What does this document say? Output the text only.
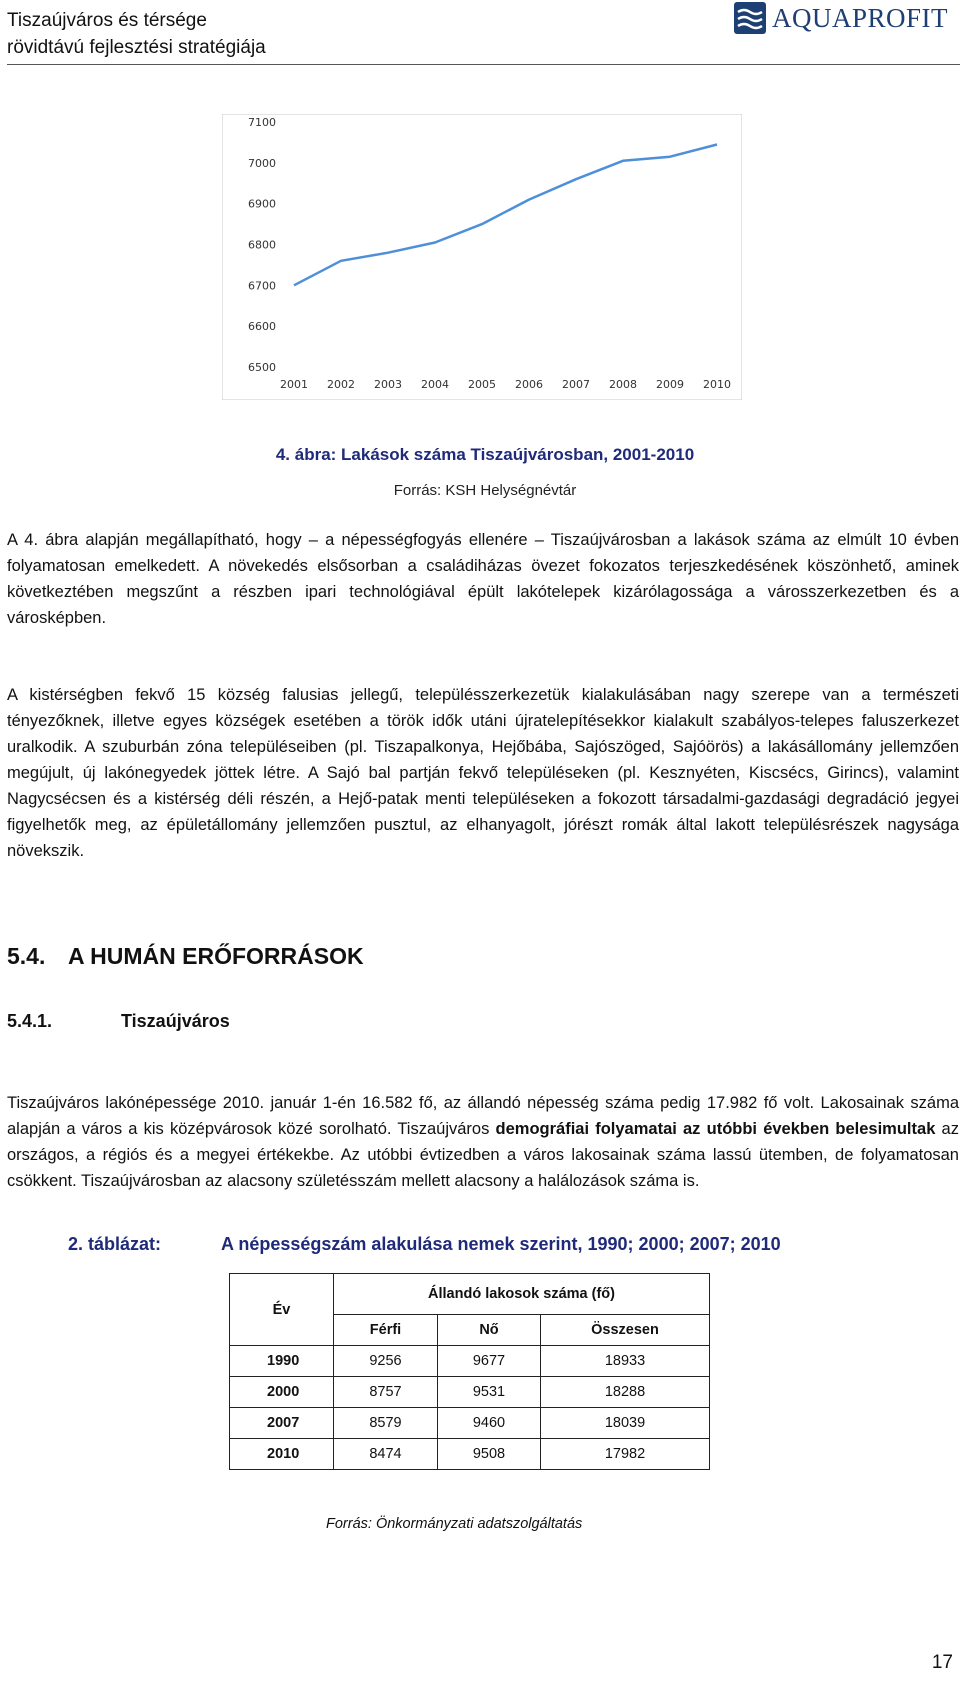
Tiszaújváros és térsége
rövidtávú fejlesztési stratégiája
AQUAPROFIT
6500
6600
6700
6800
6900
7000
7100
2001 2002 2003 2004 2005 2006 2007 2008 2009 2010
4. ábra: Lakások száma Tiszaújvárosban, 2001-2010
Forrás: KSH Helységnévtár

A 4. ábra alapján megállapítható, hogy – a népességfogyás ellenére – Tiszaújvárosban a lakások száma az elmúlt 10 évben folyamatosan emelkedett. A növekedés elsősorban a családiházas övezet fokozatos terjeszkedésének köszönhető, aminek következtében megszűnt a részben ipari technológiával épült lakótelepek kizárólagossága a városszerkezetben és a városképben.

A kistérségben fekvő 15 község falusias jellegű, településszerkezetük kialakulásában nagy szerepe van a természeti tényezőknek, illetve egyes községek esetében a török idők utáni újratelepítésekkor kialakult szabályos-telepes faluszerkezet uralkodik. A szuburbán zóna településeiben (pl. Tiszapalkonya, Hejőbába, Sajószöged, Sajóörös) a lakásállomány jellemzően megújult, új lakónegyedek jöttek létre. A Sajó bal partján fekvő településeken (pl. Kesznyéten, Kiscsécs, Girincs), valamint Nagycsécsen és a kistérség déli részén, a Hejő-patak menti településeken a fokozott társadalmi-gazdasági degradáció jegyei figyelhetők meg, az épületállomány jellemzően pusztul, az elhanyagolt, jórészt romák által lakott településrészek nagysága növekszik.

5.4. A HUMÁN ERŐFORRÁSOK
5.4.1.	Tiszaújváros

Tiszaújváros lakónépessége 2010. január 1-én 16.582 fő, az állandó népesség száma pedig 17.982 fő volt. Lakosainak száma alapján a város a kis középvárosok közé sorolható. Tiszaújváros demográfiai folyamatai az utóbbi években belesimultak az országos, a régiós és a megyei értékekbe. Az utóbbi évtizedben a város lakosainak száma lassú ütemben, de folyamatosan csökkent. Tiszaújvárosban az alacsony születésszám mellett alacsony a halálozások száma is.

2. táblázat:	A népességszám alakulása nemek szerint, 1990; 2000; 2007; 2010
Év	Állandó lakosok száma (fő)		
	Férfi	Nő	Összesen
1990	9256	9677	18933
2000	8757	9531	18288
2007	8579	9460	18039
2010	8474	9508	17982
Forrás: Önkormányzati adatszolgáltatás
17
